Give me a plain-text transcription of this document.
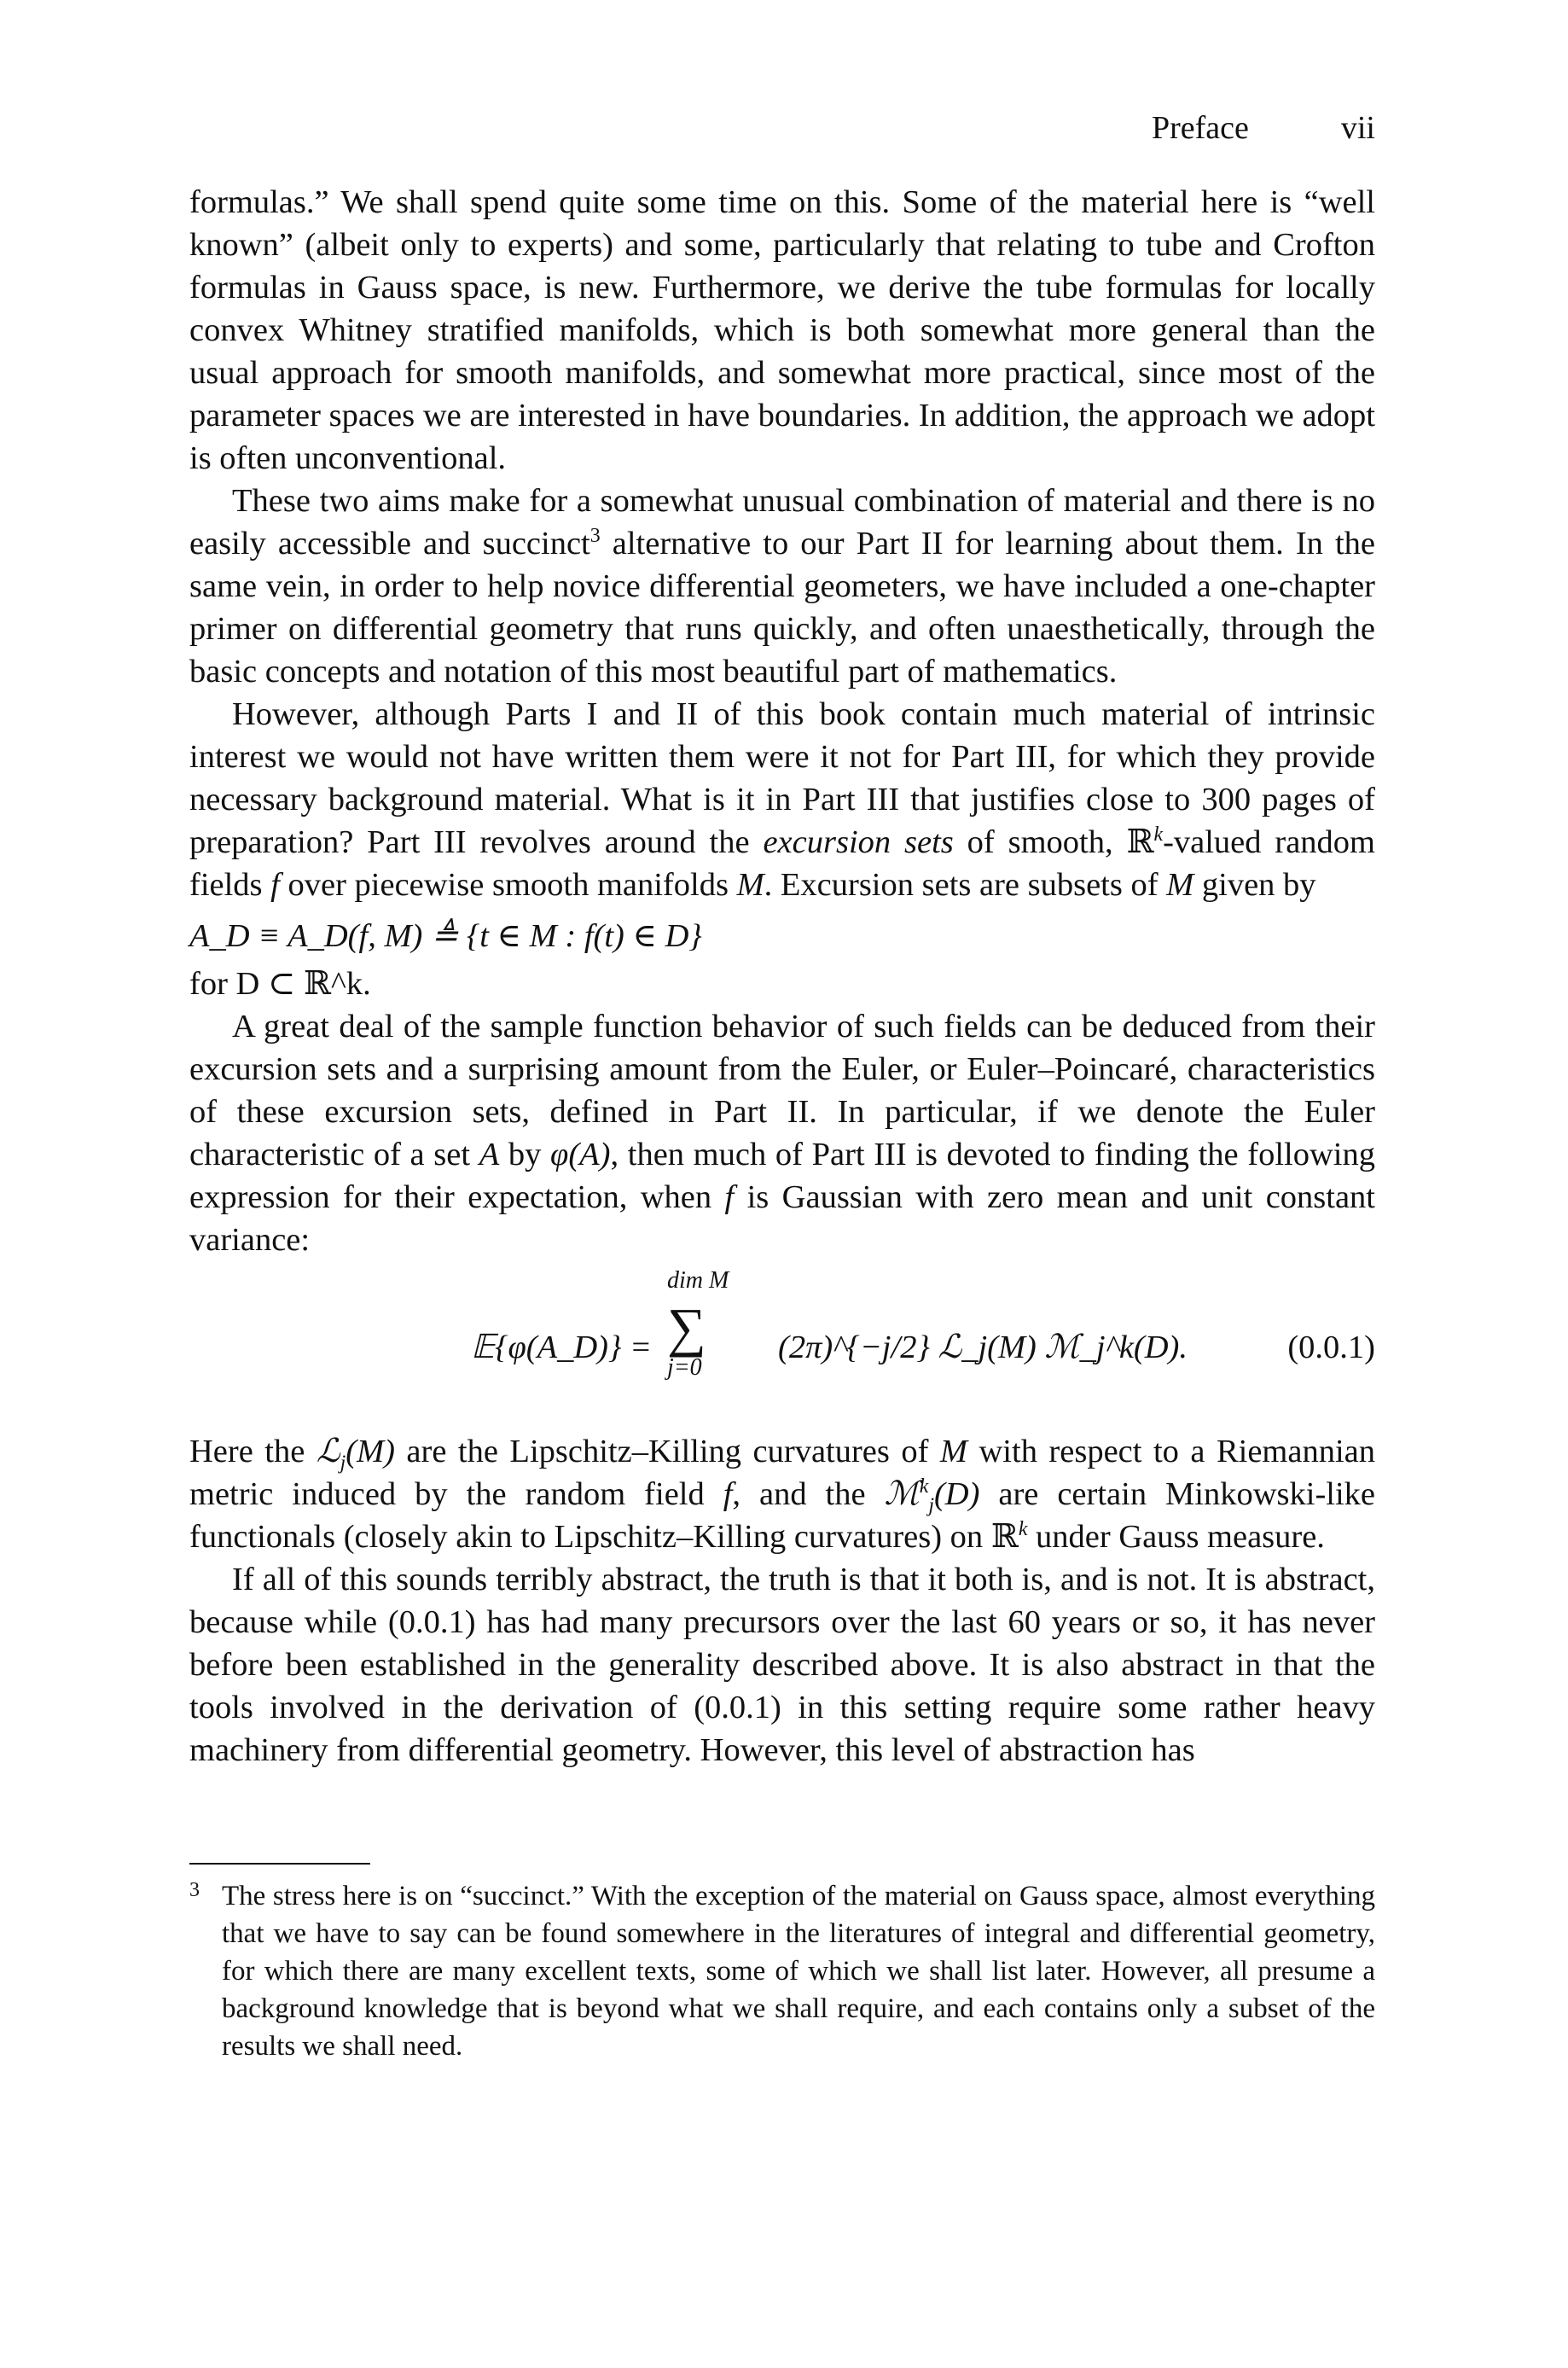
Preface	vii

formulas.” We shall spend quite some time on this. Some of the material here is “well known” (albeit only to experts) and some, particularly that relating to tube and Crofton formulas in Gauss space, is new. Furthermore, we derive the tube formulas for locally convex Whitney stratified manifolds, which is both somewhat more general than the usual approach for smooth manifolds, and somewhat more practical, since most of the parameter spaces we are interested in have boundaries. In addition, the approach we adopt is often unconventional.

These two aims make for a somewhat unusual combination of material and there is no easily accessible and succinct$^3$ alternative to our Part II for learning about them. In the same vein, in order to help novice differential geometers, we have included a one-chapter primer on differential geometry that runs quickly, and often unaesthetically, through the basic concepts and notation of this most beautiful part of mathematics.

However, although Parts I and II of this book contain much material of intrinsic interest we would not have written them were it not for Part III, for which they provide necessary background material. What is it in Part III that justifies close to 300 pages of preparation? Part III revolves around the excursion sets of smooth, ℝ$^k$-valued random fields f over piecewise smooth manifolds M. Excursion sets are subsets of M given by

A_D ≡ A_D(f, M) ≜ {t ∈ M : f(t) ∈ D}

for D ⊂ ℝ^k.

A great deal of the sample function behavior of such fields can be deduced from their excursion sets and a surprising amount from the Euler, or Euler–Poincaré, characteristics of these excursion sets, defined in Part II. In particular, if we denote the Euler characteristic of a set A by φ(A), then much of Part III is devoted to finding the following expression for their expectation, when f is Gaussian with zero mean and unit constant variance:

𝔼{φ(A_D)} =
dim M
∑
j=0
(2π)^{−j/2} ℒ_j(M) ℳ_j^k(D).	(0.0.1)

Here the ℒ$_j$(M) are the Lipschitz–Killing curvatures of M with respect to a Riemannian metric induced by the random field f, and the ℳ$^k_j$(D) are certain Minkowski-like functionals (closely akin to Lipschitz–Killing curvatures) on ℝ$^k$ under Gauss measure.

If all of this sounds terribly abstract, the truth is that it both is, and is not. It is abstract, because while (0.0.1) has had many precursors over the last 60 years or so, it has never before been established in the generality described above. It is also abstract in that the tools involved in the derivation of (0.0.1) in this setting require some rather heavy machinery from differential geometry. However, this level of abstraction has

3 The stress here is on “succinct.” With the exception of the material on Gauss space, almost everything that we have to say can be found somewhere in the literatures of integral and differential geometry, for which there are many excellent texts, some of which we shall list later. However, all presume a background knowledge that is beyond what we shall require, and each contains only a subset of the results we shall need.
